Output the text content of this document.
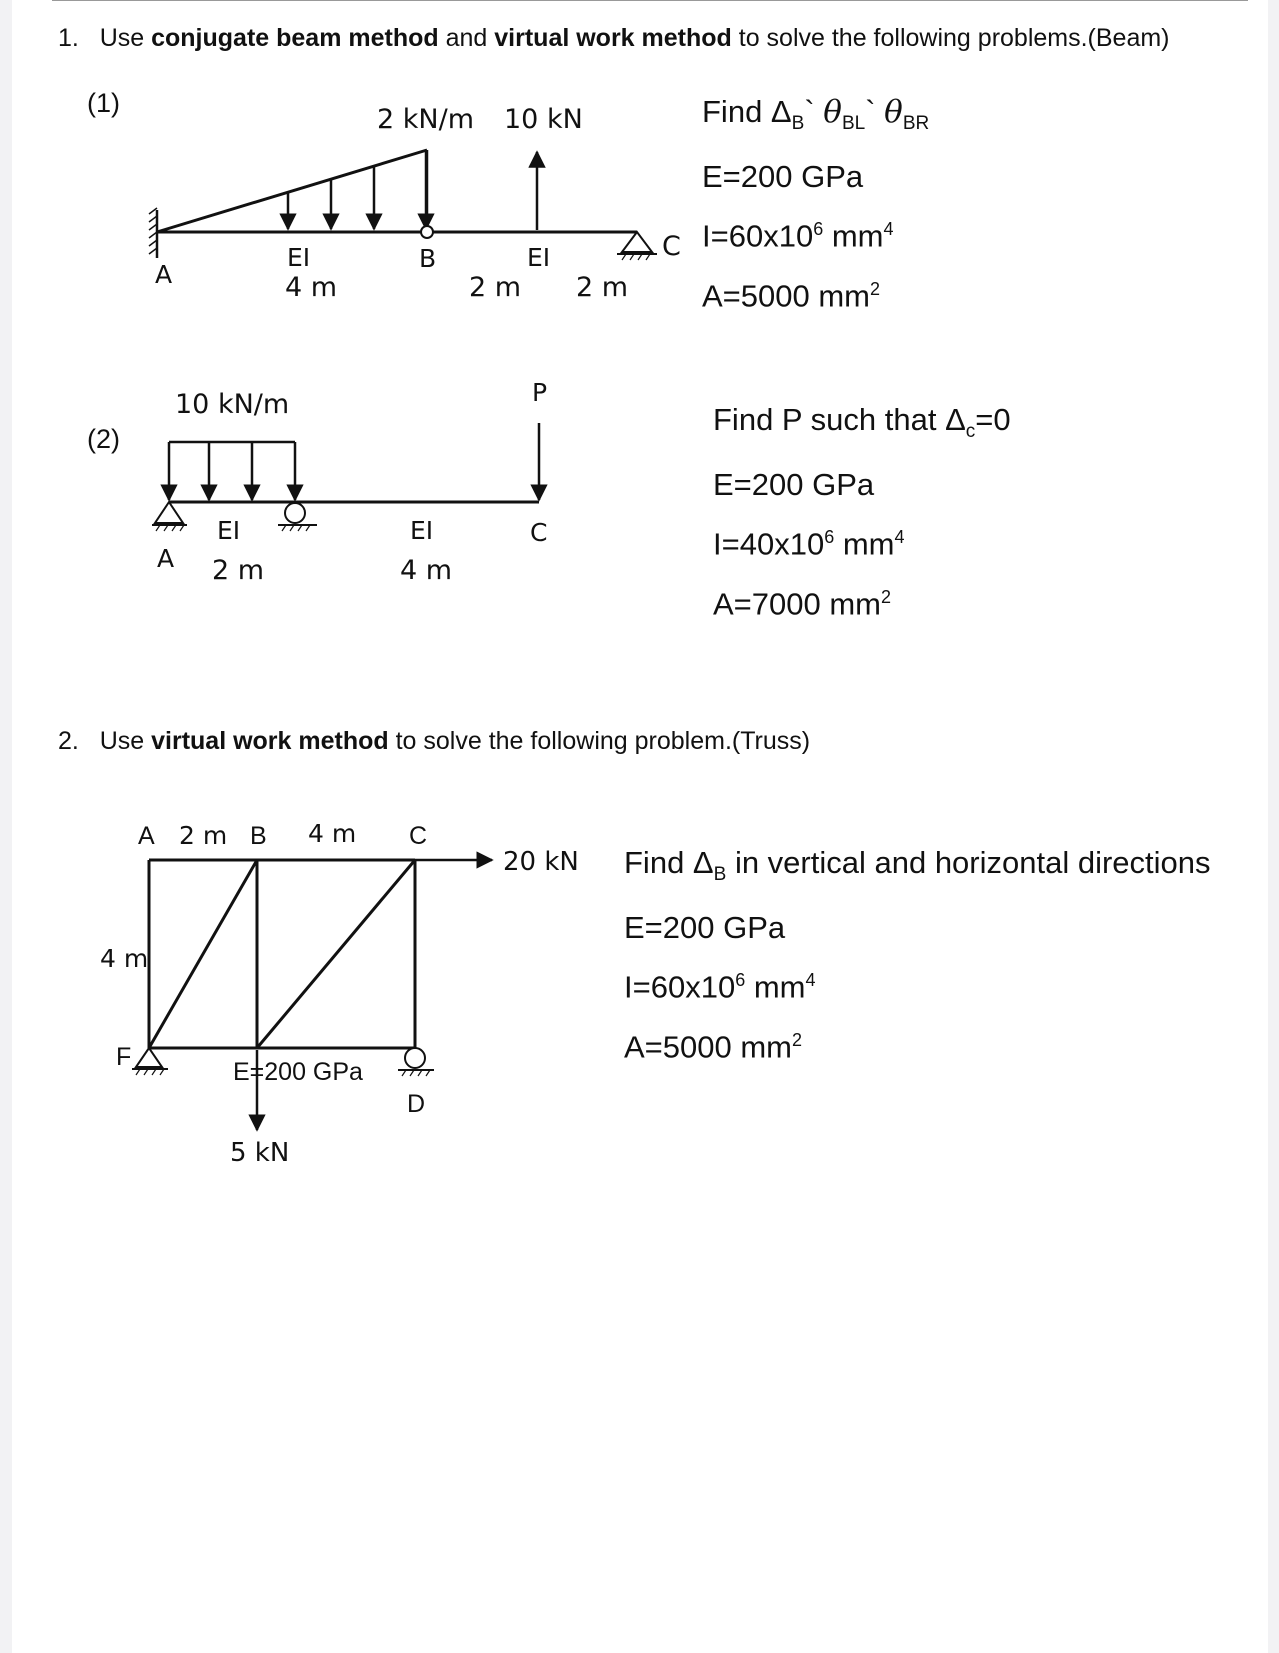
1. Use conjugate beam method and virtual work method to solve the following problems.(Beam)
(1)
2 kN/m 10 kN
A
B	C
EI	EI
4 m	2 m 2 m
Find $\Delta_B`$ $\theta_{BL}`$ $\theta_{BR}$
E=200 GPa
$I=60x10^6$ $mm^4$
A=5000 $mm^2$
(2)
10 kN/m	P
A
C
EI	EI
2 m	4 m
Find P such that $\Delta_c=0$
E=200 GPa
$I=40x10^6$ $mm^4$
A=7000 $mm^2$
2. Use virtual work method to solve the following problem.(Truss)
A 2 m B 4 m C
4 m
F
E=200 GPa
D
20 kN
5 kN
Find $\Delta_B$ in vertical and horizontal directions
E=200 GPa
$I=60x10^6$ $mm^4$
A=5000 $mm^2$
